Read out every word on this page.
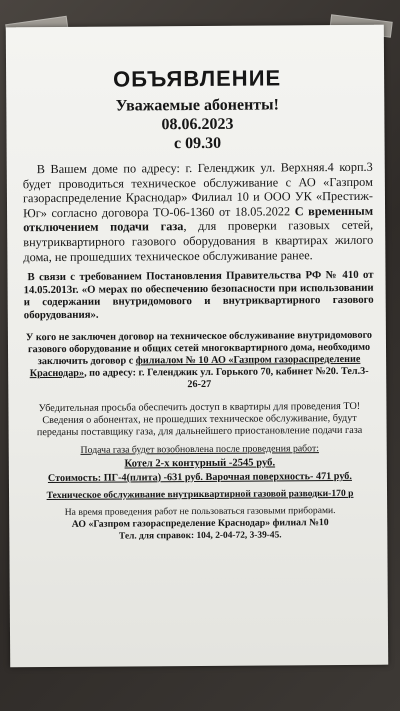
ОБЪЯВЛЕНИЕ
Уважаемые абоненты!
08.06.2023
с 09.30

В Вашем доме по адресу: г. Геленджик ул. Верхняя.4 корп.3 будет проводиться техническое обслуживание с АО «Газпром газораспределение Краснодар» Филиал 10 и ООО УК «Престиж-Юг» согласно договора ТО-06-1360 от 18.05.2022 С временным отключением подачи газа, для проверки газовых сетей, внутриквартирного газового оборудования в квартирах жилого дома, не прошедших техническое обслуживание ранее.

В связи с требованием Постановления Правительства РФ № 410 от 14.05.2013г. «О мерах по обеспечению безопасности при использовании и содержании внутридомового и внутриквартирного газового оборудования».

У кого не заключен договор на техническое обслуживание внутридомового газового оборудование и общих сетей многоквартирного дома, необходимо заключить договор с филиалом № 10 АО «Газпром газораспределение Краснодар», по адресу: г. Геленджик ул. Горького 70, кабинет №20. Тел.3-26-27

Убедительная просьба обеспечить доступ в квартиры для проведения ТО! Сведения о абонентах, не прошедших техническое обслуживание, будут переданы поставщику газа, для дальнейшего приостановление подачи газа

Подача газа будет возобновлена после проведения работ:
Котел 2-х контурный -2545 руб.
Стоимость: ПГ-4(плита) -631 руб. Варочная поверхность- 471 руб.
Техническое обслуживание внутриквартирной газовой разводки-170 р
На время проведения работ не пользоваться газовыми приборами.
АО «Газпром газораспределение Краснодар» филиал №10
Тел. для справок: 104, 2-04-72, 3-39-45.
